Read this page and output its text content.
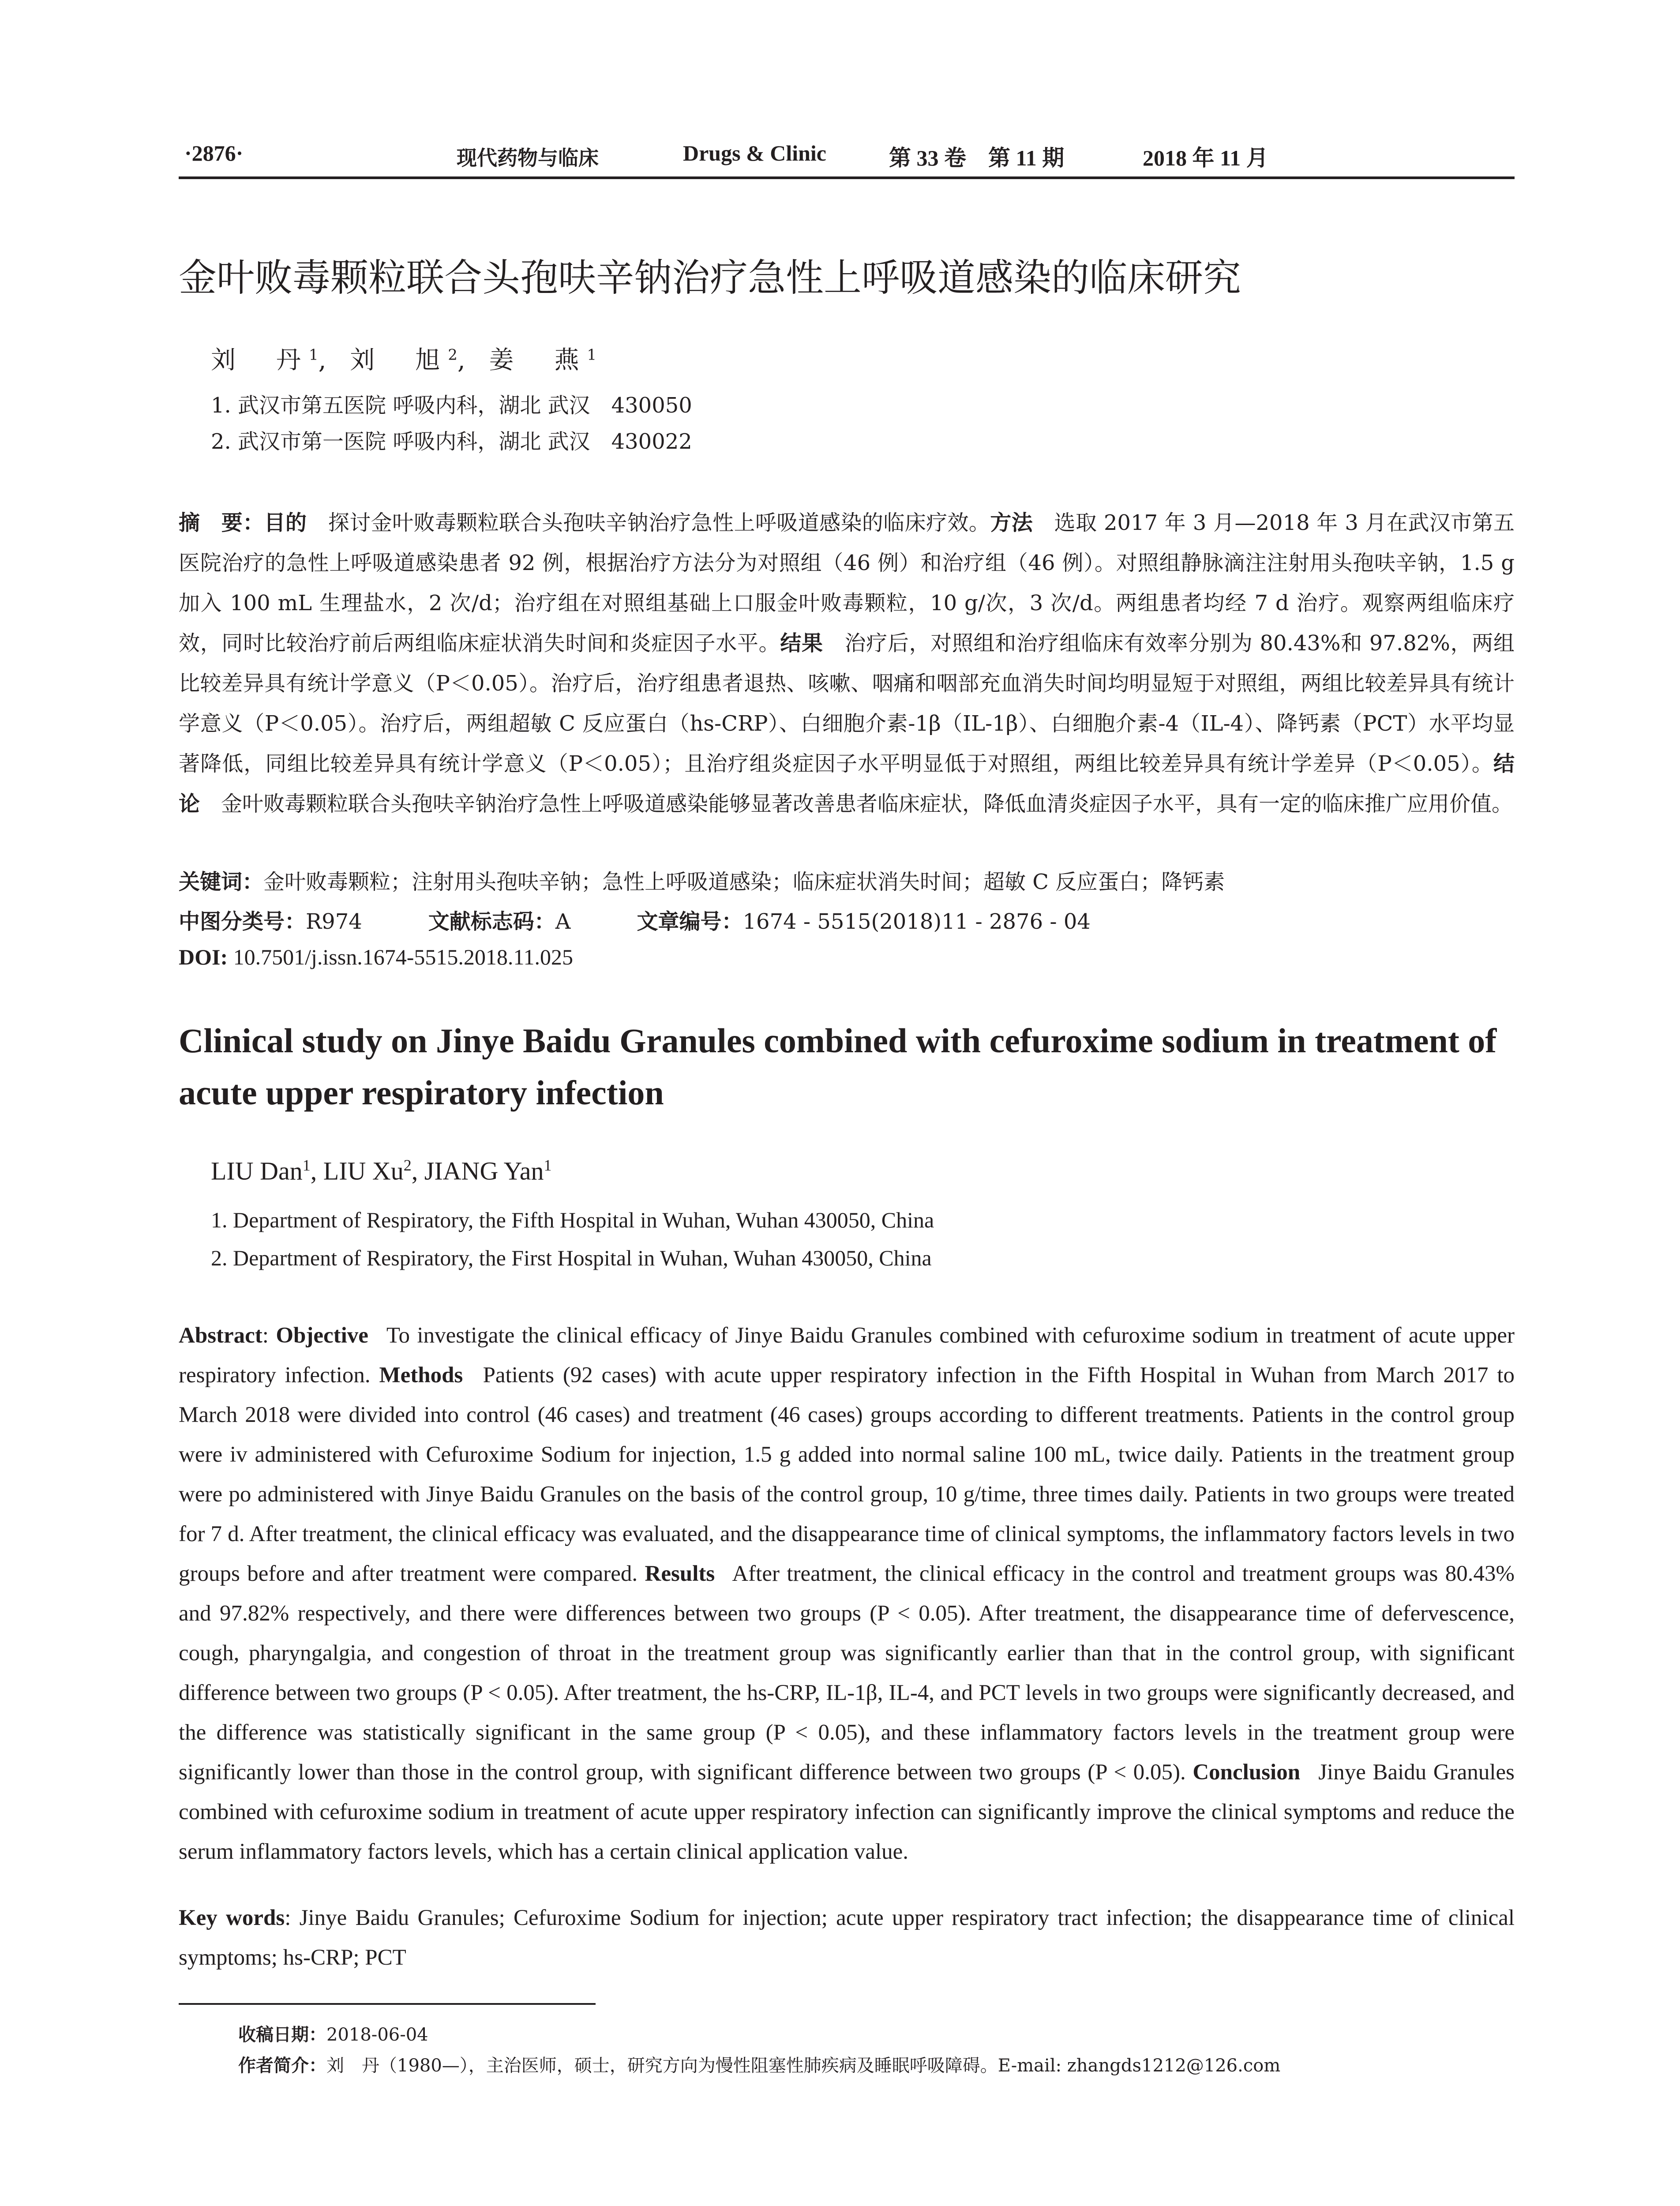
·2876·	现代药物与临床	Drugs & Clinic	第 33 卷　第 11 期	2018 年 11 月
金叶败毒颗粒联合头孢呋辛钠治疗急性上呼吸道感染的临床研究
刘　丹$^1$, 刘　旭$^2$, 姜　燕$^1$
1. 武汉市第五医院 呼吸内科，湖北 武汉　430050
2. 武汉市第一医院 呼吸内科，湖北 武汉　430022
摘　要：目的  探讨金叶败毒颗粒联合头孢呋辛钠治疗急性上呼吸道感染的临床疗效。方法  选取 2017 年 3 月—2018 年 3 月在武汉市第五医院治疗的急性上呼吸道感染患者 92 例，根据治疗方法分为对照组（46 例）和治疗组（46 例）。对照组静脉滴注注射用头孢呋辛钠，1.5 g 加入 100 mL 生理盐水，2 次/d；治疗组在对照组基础上口服金叶败毒颗粒，10 g/次，3 次/d。两组患者均经 7 d 治疗。观察两组临床疗效，同时比较治疗前后两组临床症状消失时间和炎症因子水平。结果  治疗后，对照组和治疗组临床有效率分别为 80.43%和 97.82%，两组比较差异具有统计学意义（P＜0.05）。治疗后，治疗组患者退热、咳嗽、咽痛和咽部充血消失时间均明显短于对照组，两组比较差异具有统计学意义（P＜0.05）。治疗后，两组超敏 C 反应蛋白（hs-CRP）、白细胞介素-1β（IL-1β）、白细胞介素-4（IL-4）、降钙素（PCT）水平均显著降低，同组比较差异具有统计学意义（P＜0.05）；且治疗组炎症因子水平明显低于对照组，两组比较差异具有统计学差异（P＜0.05）。结论  金叶败毒颗粒联合头孢呋辛钠治疗急性上呼吸道感染能够显著改善患者临床症状，降低血清炎症因子水平，具有一定的临床推广应用价值。
关键词：金叶败毒颗粒；注射用头孢呋辛钠；急性上呼吸道感染；临床症状消失时间；超敏 C 反应蛋白；降钙素
中图分类号：R974	文献标志码：A	文章编号：1674 - 5515(2018)11 - 2876 - 04
DOI: 10.7501/j.issn.1674-5515.2018.11.025
Clinical study on Jinye Baidu Granules combined with cefuroxime sodium in treatment of acute upper respiratory infection
LIU Dan$^1$, LIU Xu$^2$, JIANG Yan$^1$
1. Department of Respiratory, the Fifth Hospital in Wuhan, Wuhan 430050, China
2. Department of Respiratory, the First Hospital in Wuhan, Wuhan 430050, China
Abstract: Objective  To investigate the clinical efficacy of Jinye Baidu Granules combined with cefuroxime sodium in treatment of acute upper respiratory infection. Methods  Patients (92 cases) with acute upper respiratory infection in the Fifth Hospital in Wuhan from March 2017 to March 2018 were divided into control (46 cases) and treatment (46 cases) groups according to different treatments. Patients in the control group were iv administered with Cefuroxime Sodium for injection, 1.5 g added into normal saline 100 mL, twice daily. Patients in the treatment group were po administered with Jinye Baidu Granules on the basis of the control group, 10 g/time, three times daily. Patients in two groups were treated for 7 d. After treatment, the clinical efficacy was evaluated, and the disappearance time of clinical symptoms, the inflammatory factors levels in two groups before and after treatment were compared. Results  After treatment, the clinical efficacy in the control and treatment groups was 80.43% and 97.82% respectively, and there were differences between two groups (P < 0.05). After treatment, the disappearance time of defervescence, cough, pharyngalgia, and congestion of throat in the treatment group was significantly earlier than that in the control group, with significant difference between two groups (P < 0.05). After treatment, the hs-CRP, IL-1β, IL-4, and PCT levels in two groups were significantly decreased, and the difference was statistically significant in the same group (P < 0.05), and these inflammatory factors levels in the treatment group were significantly lower than those in the control group, with significant difference between two groups (P < 0.05). Conclusion  Jinye Baidu Granules combined with cefuroxime sodium in treatment of acute upper respiratory infection can significantly improve the clinical symptoms and reduce the serum inflammatory factors levels, which has a certain clinical application value.
Key words: Jinye Baidu Granules; Cefuroxime Sodium for injection; acute upper respiratory tract infection; the disappearance time of clinical symptoms; hs-CRP; PCT
收稿日期：2018-06-04
作者简介：刘　丹（1980—），主治医师，硕士，研究方向为慢性阻塞性肺疾病及睡眠呼吸障碍。E-mail: zhangds1212@126.com
